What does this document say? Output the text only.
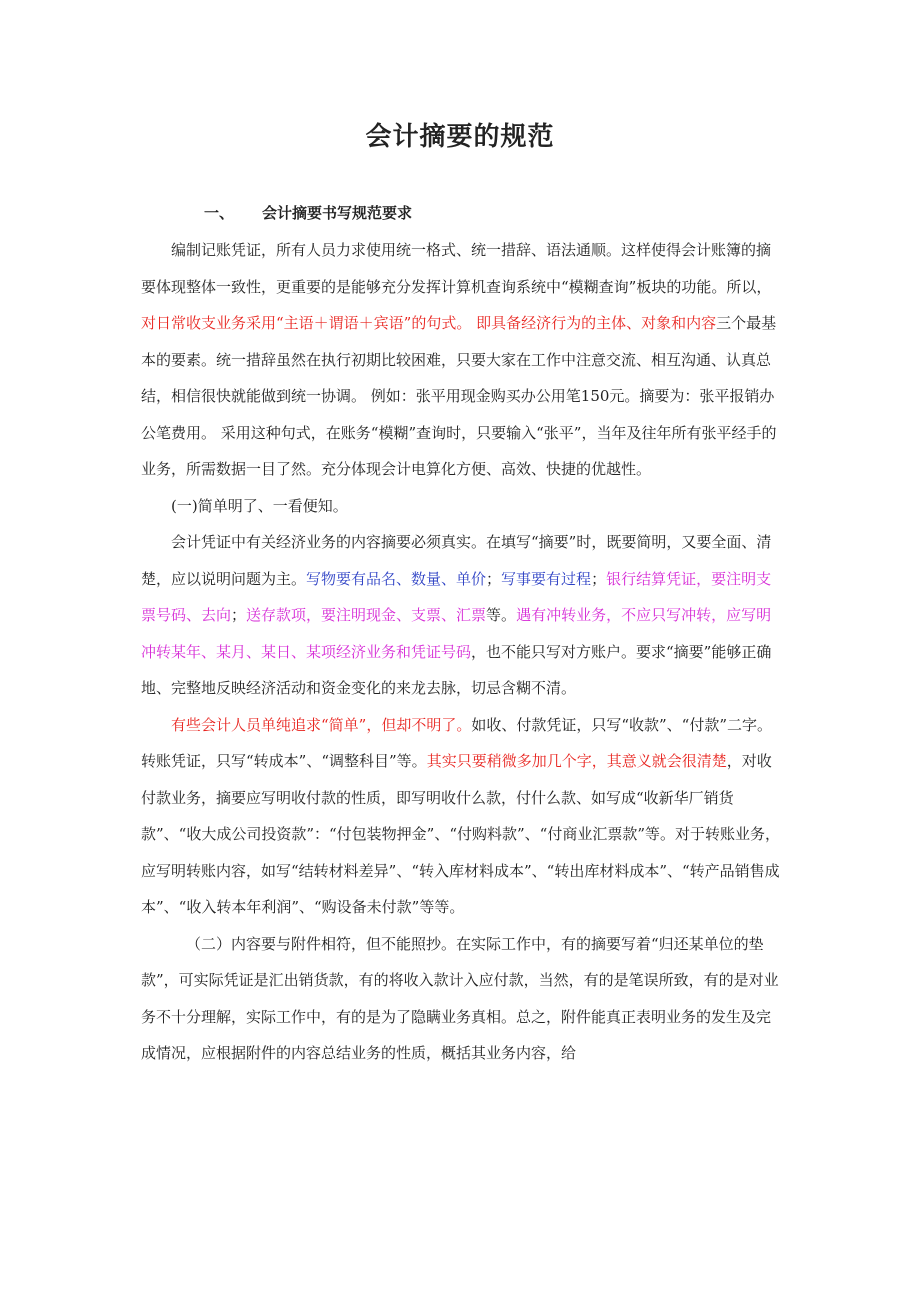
会计摘要的规范
一、 会计摘要书写规范要求

编制记账凭证，所有人员力求使用统一格式、统一措辞、语法通顺。这样使得会计账簿的摘要体现整体一致性，更重要的是能够充分发挥计算机查询系统中“模糊查询”板块的功能。所以，对日常收支业务采用“主语＋谓语＋宾语”的句式。 即具备经济行为的主体、对象和内容三个最基本的要素。统一措辞虽然在执行初期比较困难，只要大家在工作中注意交流、相互沟通、认真总结，相信很快就能做到统一协调。 例如：张平用现金购买办公用笔150元。摘要为：张平报销办公笔费用。 采用这种句式，在账务“模糊”查询时，只要输入“张平”，当年及往年所有张平经手的业务，所需数据一目了然。充分体现会计电算化方便、高效、快捷的优越性。

(一)简单明了、一看便知。

会计凭证中有关经济业务的内容摘要必须真实。在填写“摘要”时，既要简明，又要全面、清楚，应以说明问题为主。写物要有品名、数量、单价；写事要有过程；银行结算凭证，要注明支票号码、去向；送存款项，要注明现金、支票、汇票等。遇有冲转业务，不应只写冲转，应写明冲转某年、某月、某日、某项经济业务和凭证号码，也不能只写对方账户。要求“摘要”能够正确地、完整地反映经济活动和资金变化的来龙去脉，切忌含糊不清。

有些会计人员单纯追求“简单”，但却不明了。如收、付款凭证，只写“收款”、“付款”二字。转账凭证，只写“转成本”、“调整科目”等。其实只要稍微多加几个字，其意义就会很清楚，对收付款业务，摘要应写明收付款的性质，即写明收什么款，付什么款、如写成“收新华厂销货款”、“收大成公司投资款”：“付包装物押金”、“付购料款”、“付商业汇票款”等。对于转账业务，应写明转账内容，如写“结转材料差异”、“转入库材料成本”、“转出库材料成本”、“转产品销售成本”、“收入转本年利润”、“购设备未付款”等等。

（二）内容要与附件相符，但不能照抄。在实际工作中，有的摘要写着“归还某单位的垫款”，可实际凭证是汇出销货款，有的将收入款计入应付款，当然，有的是笔误所致，有的是对业务不十分理解，实际工作中，有的是为了隐瞒业务真相。总之，附件能真正表明业务的发生及完成情况，应根据附件的内容总结业务的性质，概括其业务内容，给
